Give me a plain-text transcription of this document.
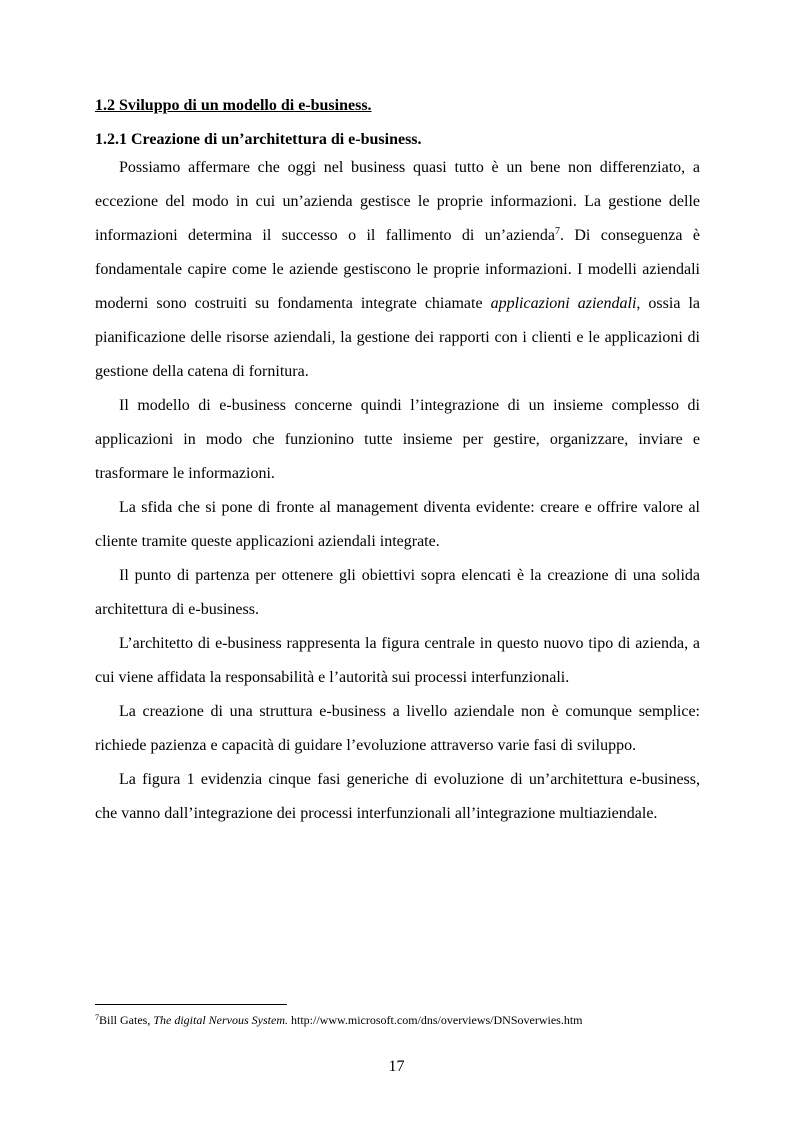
1.2 Sviluppo di un modello di e-business.

1.2.1 Creazione di un’architettura di e-business.

Possiamo affermare che oggi nel business quasi tutto è un bene non differenziato, a eccezione del modo in cui un’azienda gestisce le proprie informazioni. La gestione delle informazioni determina il successo o il fallimento di un’azienda$^7$. Di conseguenza è fondamentale capire come le aziende gestiscono le proprie informazioni. I modelli aziendali moderni sono costruiti su fondamenta integrate chiamate applicazioni aziendali, ossia la pianificazione delle risorse aziendali, la gestione dei rapporti con i clienti e le applicazioni di gestione della catena di fornitura.

Il modello di e-business concerne quindi l’integrazione di un insieme complesso di applicazioni in modo che funzionino tutte insieme per gestire, organizzare, inviare e trasformare le informazioni.

La sfida che si pone di fronte al management diventa evidente: creare e offrire valore al cliente tramite queste applicazioni aziendali integrate.

Il punto di partenza per ottenere gli obiettivi sopra elencati è la creazione di una solida architettura di e-business.

L’architetto di e-business rappresenta la figura centrale in questo nuovo tipo di azienda, a cui viene affidata la responsabilità e l’autorità sui processi interfunzionali.

La creazione di una struttura e-business a livello aziendale non è comunque semplice: richiede pazienza e capacità di guidare l’evoluzione attraverso varie fasi di sviluppo.

La figura 1 evidenzia cinque fasi generiche di evoluzione di un’architettura e-business, che vanno dall’integrazione dei processi interfunzionali all’integrazione multiaziendale.

$^7$Bill Gates, The digital Nervous System. http://www.microsoft.com/dns/overviews/DNSoverwies.htm
17
